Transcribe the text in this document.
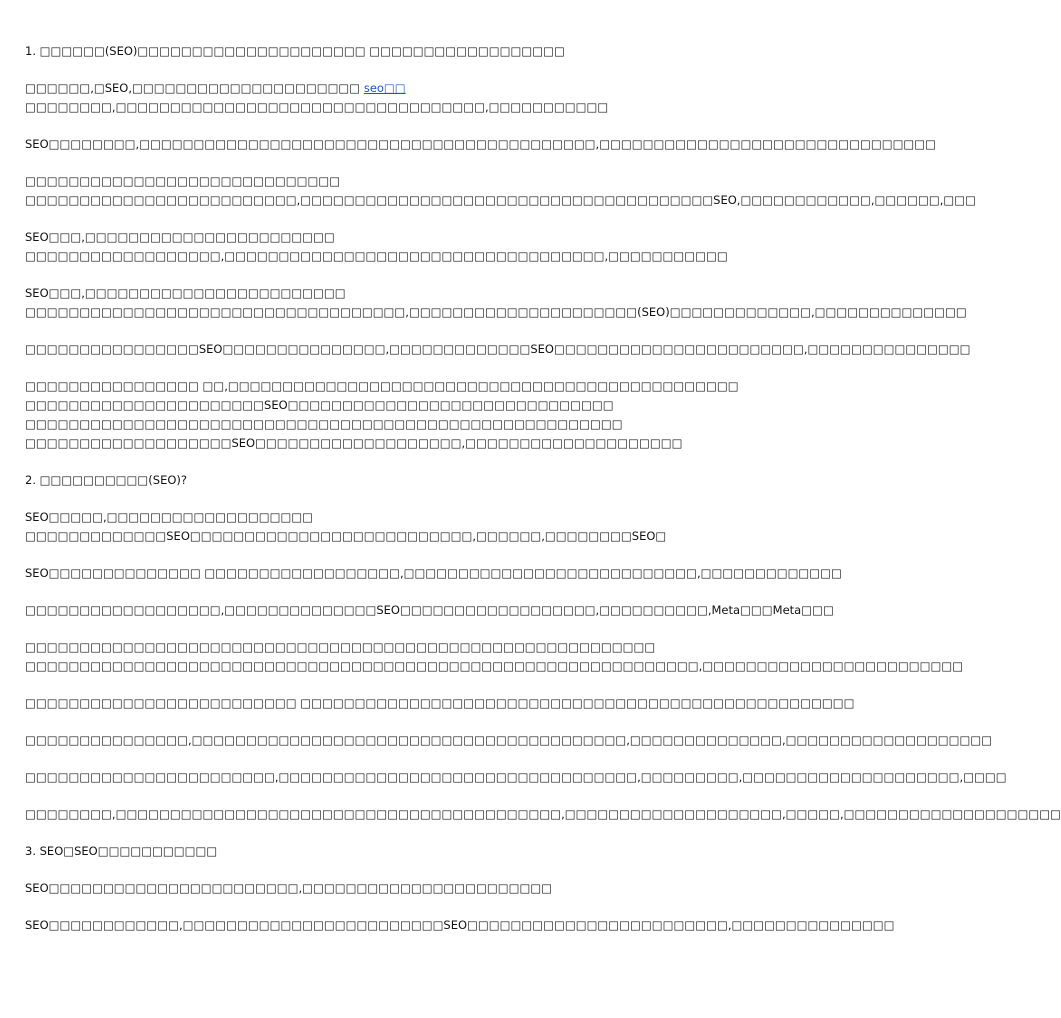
1. □□□□□□(SEO)□□□□□□□□□□□□□□□□□□□□□ □□□□□□□□□□□□□□□□□□
□□□□□□,□SEO,□□□□□□□□□□□□□□□□□□□□□ seo□□
□□□□□□□□,□□□□□□□□□□□□□□□□□□□□□□□□□□□□□□□□□□,□□□□□□□□□□□
SEO□□□□□□□□,□□□□□□□□□□□□□□□□□□□□□□□□□□□□□□□□□□□□□□□□□□,□□□□□□□□□□□□□□□□□□□□□□□□□□□□□□□
□□□□□□□□□□□□□□□□□□□□□□□□□□□□□
□□□□□□□□□□□□□□□□□□□□□□□□□,□□□□□□□□□□□□□□□□□□□□□□□□□□□□□□□□□□□□□□SEO,□□□□□□□□□□□□,□□□□□□,□□□
SEO□□□,□□□□□□□□□□□□□□□□□□□□□□□
□□□□□□□□□□□□□□□□□□,□□□□□□□□□□□□□□□□□□□□□□□□□□□□□□□□□□□,□□□□□□□□□□□
SEO□□□,□□□□□□□□□□□□□□□□□□□□□□□□
□□□□□□□□□□□□□□□□□□□□□□□□□□□□□□□□□□□,□□□□□□□□□□□□□□□□□□□□□(SEO)□□□□□□□□□□□□□,□□□□□□□□□□□□□□
□□□□□□□□□□□□□□□□SEO□□□□□□□□□□□□□□□,□□□□□□□□□□□□□SEO□□□□□□□□□□□□□□□□□□□□□□□,□□□□□□□□□□□□□□□
□□□□□□□□□□□□□□□□ □□,□□□□□□□□□□□□□□□□□□□□□□□□□□□□□□□□□□□□□□□□□□□□□□□
□□□□□□□□□□□□□□□□□□□□□□SEO□□□□□□□□□□□□□□□□□□□□□□□□□□□□□□
□□□□□□□□□□□□□□□□□□□□□□□□□□□□□□□□□□□□□□□□□□□□□□□□□□□□□□□
□□□□□□□□□□□□□□□□□□□SEO□□□□□□□□□□□□□□□□□□□,□□□□□□□□□□□□□□□□□□□□
2. □□□□□□□□□□(SEO)?
SEO□□□□□,□□□□□□□□□□□□□□□□□□□
□□□□□□□□□□□□□SEO□□□□□□□□□□□□□□□□□□□□□□□□□□,□□□□□□,□□□□□□□□SEO□
SEO□□□□□□□□□□□□□□ □□□□□□□□□□□□□□□□□□,□□□□□□□□□□□□□□□□□□□□□□□□□□□,□□□□□□□□□□□□□
□□□□□□□□□□□□□□□□□□,□□□□□□□□□□□□□□SEO□□□□□□□□□□□□□□□□□□,□□□□□□□□□□,Meta□□□Meta□□□
□□□□□□□□□□□□□□□□□□□□□□□□□□□□□□□□□□□□□□□□□□□□□□□□□□□□□□□□□□
□□□□□□□□□□□□□□□□□□□□□□□□□□□□□□□□□□□□□□□□□□□□□□□□□□□□□□□□□□□□□□,□□□□□□□□□□□□□□□□□□□□□□□□
□□□□□□□□□□□□□□□□□□□□□□□□□ □□□□□□□□□□□□□□□□□□□□□□□□□□□□□□□□□□□□□□□□□□□□□□□□□□□
□□□□□□□□□□□□□□□,□□□□□□□□□□□□□□□□□□□□□□□□□□□□□□□□□□□□□□□□,□□□□□□□□□□□□□□,□□□□□□□□□□□□□□□□□□□
□□□□□□□□□□□□□□□□□□□□□□□,□□□□□□□□□□□□□□□□□□□□□□□□□□□□□□□□□,□□□□□□□□□,□□□□□□□□□□□□□□□□□□□□,□□□□
□□□□□□□□,□□□□□□□□□□□□□□□□□□□□□□□□□□□□□□□□□□□□□□□□□,□□□□□□□□□□□□□□□□□□□□,□□□□□,□□□□□□□□□□□□□□□□□□□□
3. SEO□SEO□□□□□□□□□□□
SEO□□□□□□□□□□□□□□□□□□□□□□□,□□□□□□□□□□□□□□□□□□□□□□□
SEO□□□□□□□□□□□□,□□□□□□□□□□□□□□□□□□□□□□□□SEO□□□□□□□□□□□□□□□□□□□□□□□□,□□□□□□□□□□□□□□□
